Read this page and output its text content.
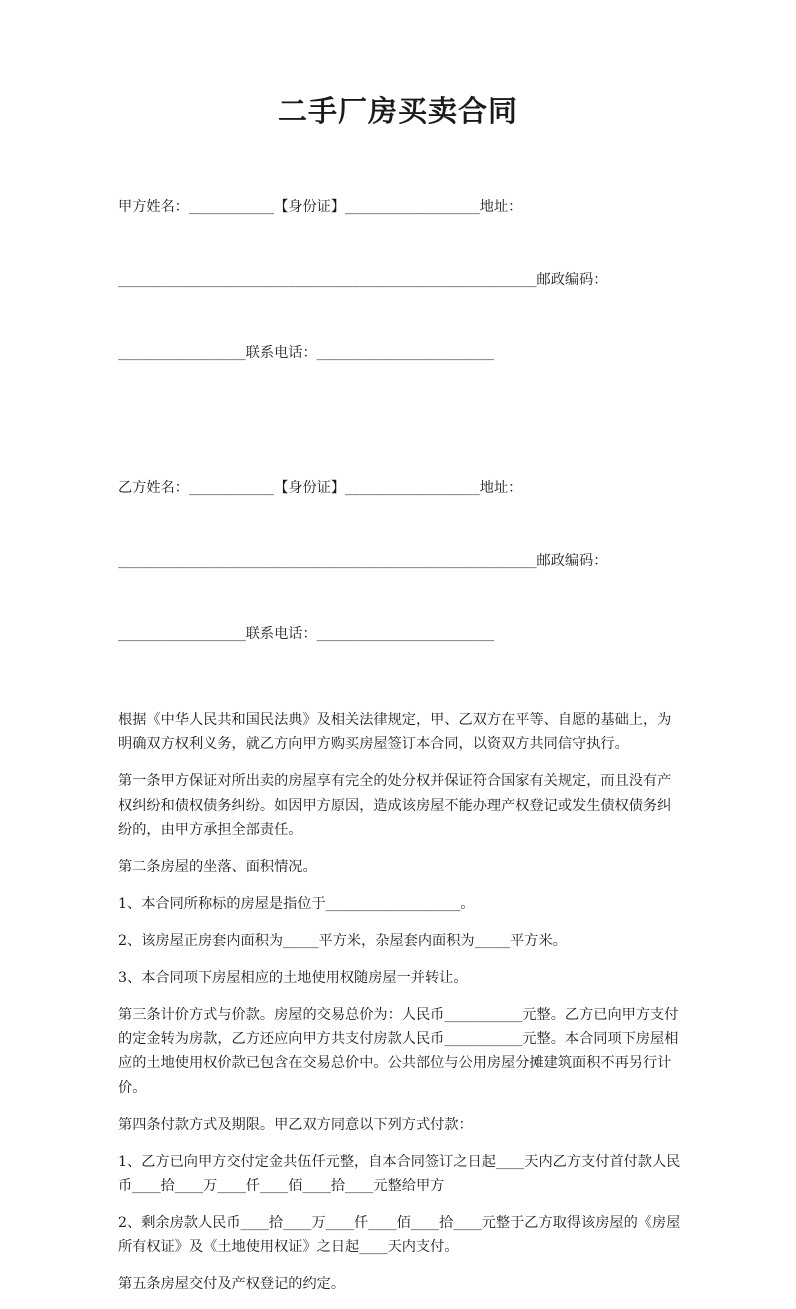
二手厂房买卖合同

甲方姓名：____________【身份证】___________________地址：

___________________________________________________________邮政编码：

__________________联系电话：_________________________

乙方姓名：____________【身份证】___________________地址：

___________________________________________________________邮政编码：

__________________联系电话：_________________________

根据《中华人民共和国民法典》及相关法律规定，甲、乙双方在平等、自愿的基础上，为明确双方权利义务，就乙方向甲方购买房屋签订本合同，以资双方共同信守执行。

第一条甲方保证对所出卖的房屋享有完全的处分权并保证符合国家有关规定，而且没有产权纠纷和债权债务纠纷。如因甲方原因，造成该房屋不能办理产权登记或发生债权债务纠纷的，由甲方承担全部责任。

第二条房屋的坐落、面积情况。

1、本合同所称标的房屋是指位于___________________。

2、该房屋正房套内面积为_____平方米，杂屋套内面积为_____平方米。

3、本合同项下房屋相应的土地使用权随房屋一并转让。

第三条计价方式与价款。房屋的交易总价为：人民币___________元整。乙方已向甲方支付的定金转为房款，乙方还应向甲方共支付房款人民币___________元整。本合同项下房屋相应的土地使用权价款已包含在交易总价中。公共部位与公用房屋分摊建筑面积不再另行计价。

第四条付款方式及期限。甲乙双方同意以下列方式付款：

1、乙方已向甲方交付定金共伍仟元整，自本合同签订之日起____天内乙方支付首付款人民币____拾____万____仟____佰____拾____元整给甲方

2、剩余房款人民币____拾____万____仟____佰____拾____元整于乙方取得该房屋的《房屋所有权证》及《土地使用权证》之日起____天内支付。

第五条房屋交付及产权登记的约定。
